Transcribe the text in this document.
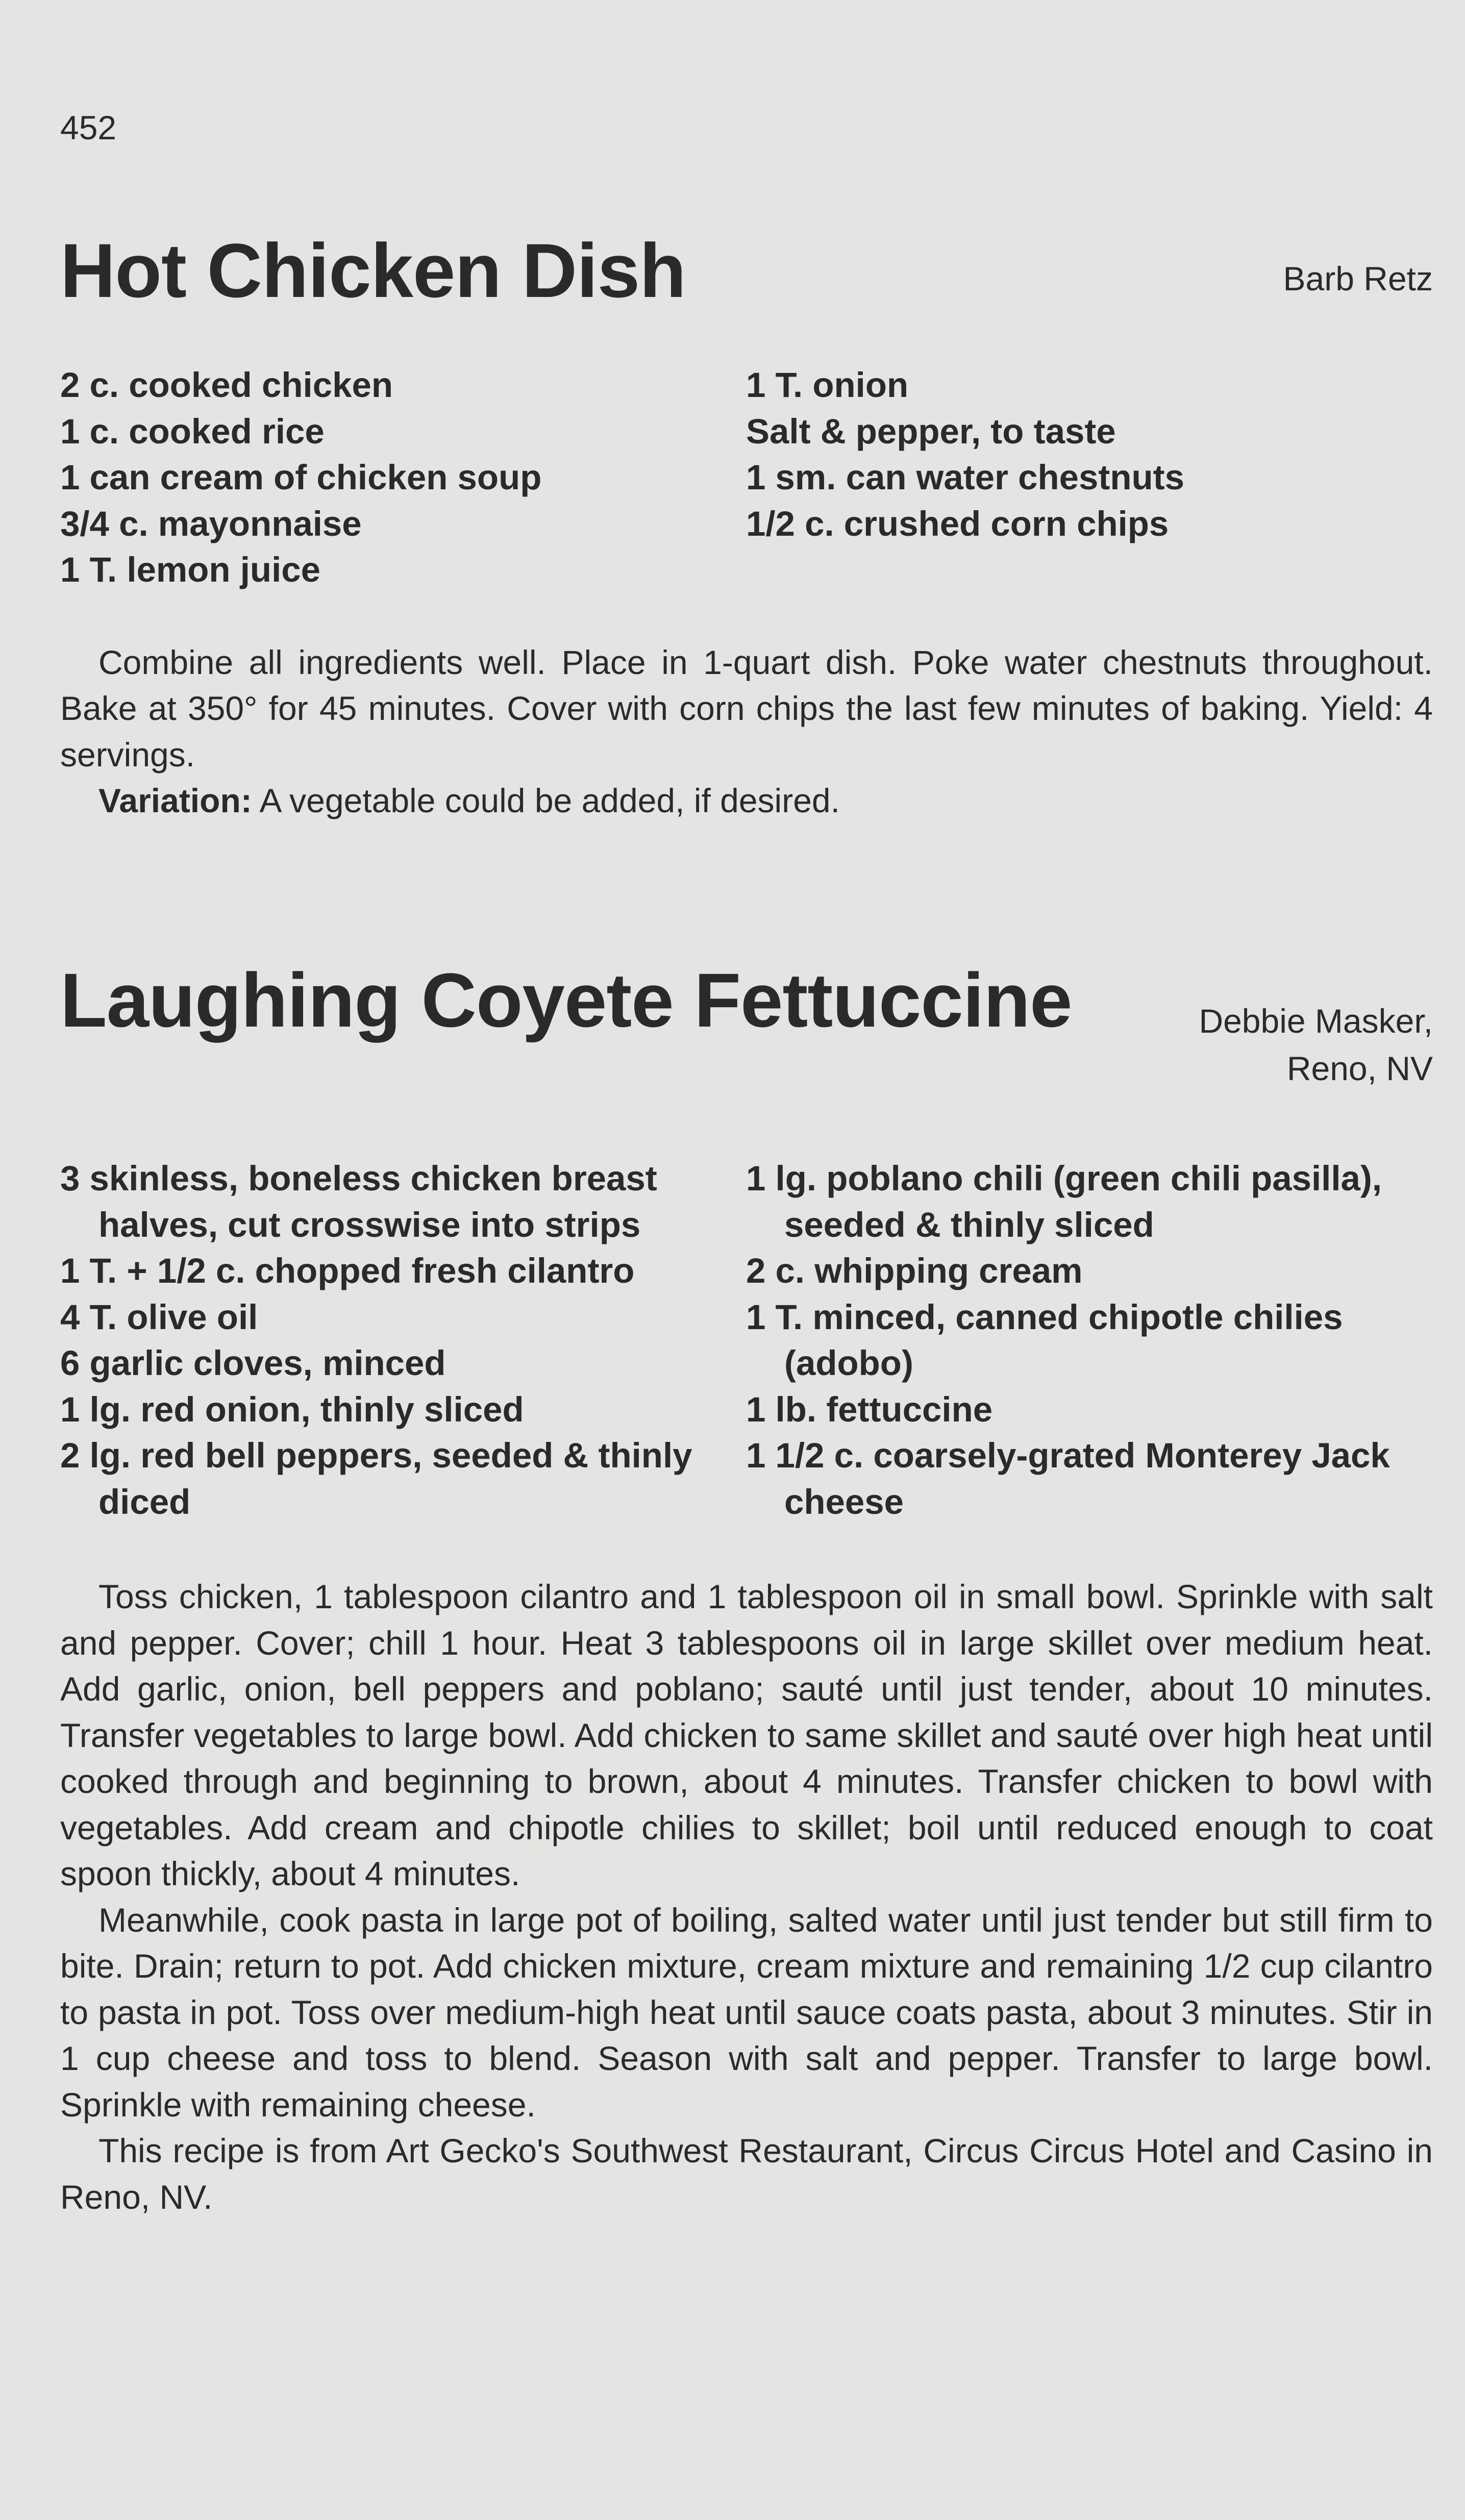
452
Hot Chicken Dish	Barb Retz
2 c. cooked chicken
1 c. cooked rice
1 can cream of chicken soup
3/4 c. mayonnaise
1 T. lemon juice
1 T. onion
Salt & pepper, to taste
1 sm. can water chestnuts
1/2 c. crushed corn chips

Combine all ingredients well. Place in 1-quart dish. Poke water chestnuts throughout. Bake at 350° for 45 minutes. Cover with corn chips the last few minutes of baking. Yield: 4 servings.

Variation: A vegetable could be added, if desired.

Laughing Coyete Fettuccine	Debbie Masker,
Reno, NV
3 skinless, boneless chicken breast halves, cut crosswise into strips
1 T. + 1/2 c. chopped fresh cilantro
4 T. olive oil
6 garlic cloves, minced
1 lg. red onion, thinly sliced
2 lg. red bell peppers, seeded & thinly diced
1 lg. poblano chili (green chili pasilla), seeded & thinly sliced
2 c. whipping cream
1 T. minced, canned chipotle chilies (adobo)
1 lb. fettuccine
1 1/2 c. coarsely-grated Monterey Jack cheese

Toss chicken, 1 tablespoon cilantro and 1 tablespoon oil in small bowl. Sprinkle with salt and pepper. Cover; chill 1 hour. Heat 3 tablespoons oil in large skillet over medium heat. Add garlic, onion, bell peppers and poblano; sauté until just tender, about 10 minutes. Transfer vegetables to large bowl. Add chicken to same skillet and sauté over high heat until cooked through and beginning to brown, about 4 minutes. Transfer chicken to bowl with vegetables. Add cream and chipotle chilies to skillet; boil until reduced enough to coat spoon thickly, about 4 minutes.

Meanwhile, cook pasta in large pot of boiling, salted water until just tender but still firm to bite. Drain; return to pot. Add chicken mixture, cream mixture and remaining 1/2 cup cilantro to pasta in pot. Toss over medium-high heat until sauce coats pasta, about 3 minutes. Stir in 1 cup cheese and toss to blend. Season with salt and pepper. Transfer to large bowl. Sprinkle with remaining cheese.

This recipe is from Art Gecko's Southwest Restaurant, Circus Circus Hotel and Casino in Reno, NV.
